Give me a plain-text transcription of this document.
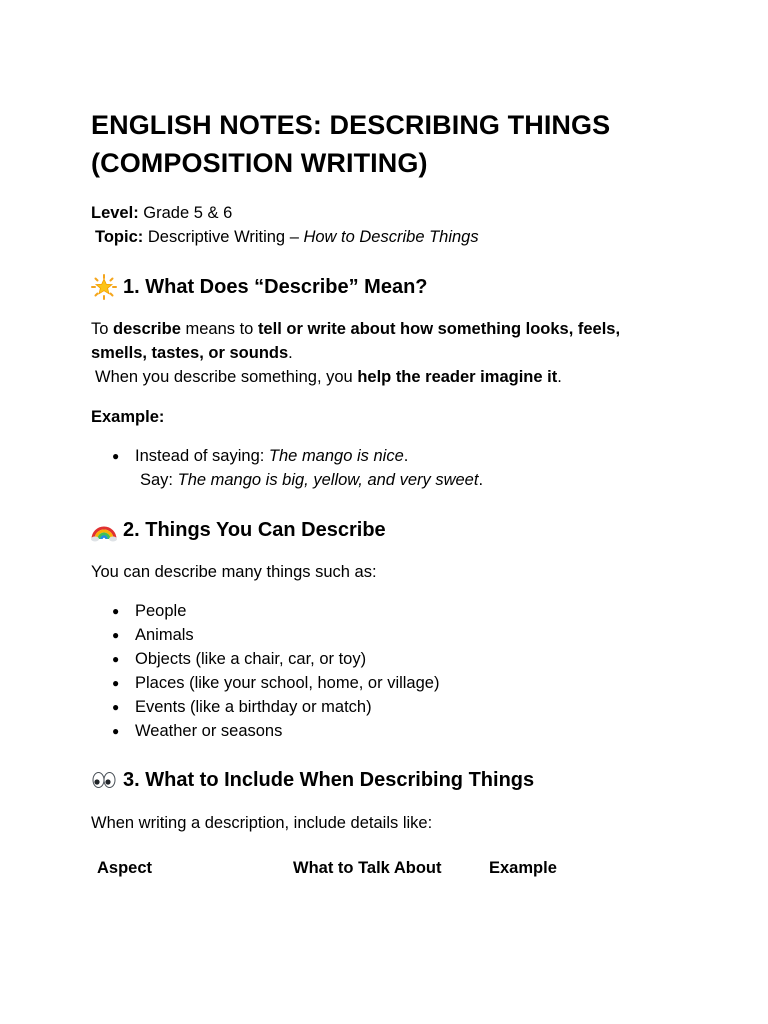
ENGLISH NOTES: DESCRIBING THINGS
(COMPOSITION WRITING)
Level: Grade 5 & 6
Topic: Descriptive Writing – How to Describe Things
1. What Does “Describe” Mean?
To describe means to tell or write about how something looks, feels,
smells, tastes, or sounds.
When you describe something, you help the reader imagine it.
Example:
● Instead of saying: The mango is nice.
Say: The mango is big, yellow, and very sweet.
2. Things You Can Describe
You can describe many things such as:
● People
● Animals
● Objects (like a chair, car, or toy)
● Places (like your school, home, or village)
● Events (like a birthday or match)
● Weather or seasons
3. What to Include When Describing Things
When writing a description, include details like:
Aspect	What to Talk About	Example
